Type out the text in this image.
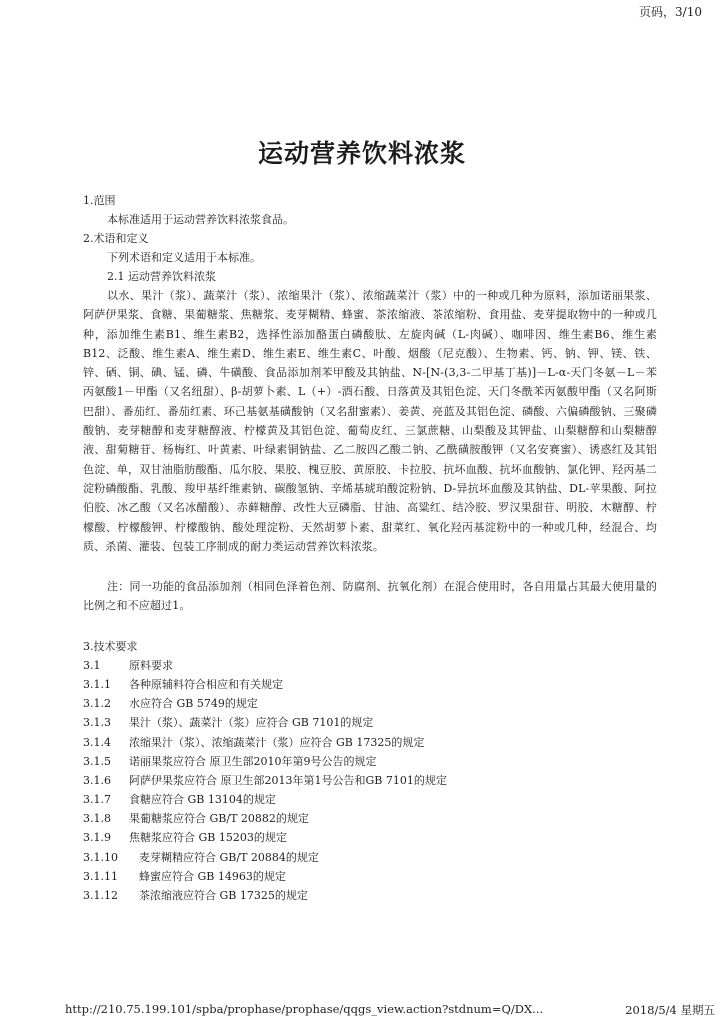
页码，3/10
运动营养饮料浓浆
1.范围
本标准适用于运动营养饮料浓浆食品。
2.术语和定义
下列术语和定义适用于本标准。
2.1 运动营养饮料浓浆

以水、果汁（浆）、蔬菜汁（浆）、浓缩果汁（浆）、浓缩蔬菜汁（浆）中的一种或几种为原料，添加诺丽果浆、阿萨伊果浆、食糖、果葡糖浆、焦糖浆、麦芽糊精、蜂蜜、茶浓缩液、茶浓缩粉、食用盐、麦芽提取物中的一种或几种，添加维生素B1、维生素B2，选择性添加酪蛋白磷酸肽、左旋肉碱（L-肉碱）、咖啡因、维生素B6、维生素B12、泛酸、维生素A、维生素D、维生素E、维生素C、叶酸、烟酸（尼克酸）、生物素、钙、钠、钾、镁、铁、锌、硒、铜、碘、锰、磷、牛磺酸、食品添加剂苯甲酸及其钠盐、N-[N-(3,3-二甲基丁基)]－L-α-天门冬氨－L－苯丙氨酸1－甲酯（又名纽甜）、β-胡萝卜素、L（+）-酒石酸、日落黄及其铝色淀、天门冬酰苯丙氨酸甲酯（又名阿斯巴甜）、番茄红、番茄红素、环己基氨基磺酸钠（又名甜蜜素）、姜黄、亮蓝及其铝色淀、磷酸、六偏磷酸钠、三聚磷酸钠、麦芽糖醇和麦芽糖醇液、柠檬黄及其铝色淀、葡萄皮红、三氯蔗糖、山梨酸及其钾盐、山梨糖醇和山梨糖醇液、甜菊糖苷、杨梅红、叶黄素、叶绿素铜钠盐、乙二胺四乙酸二钠、乙酰磺胺酸钾（又名安赛蜜）、诱惑红及其铝色淀、单，双甘油脂肪酸酯、瓜尔胶、果胶、槐豆胶、黄原胶、卡拉胶、抗坏血酸、抗坏血酸钠、氯化钾、羟丙基二淀粉磷酸酯、乳酸、羧甲基纤维素钠、碳酸氢钠、辛烯基琥珀酸淀粉钠、D-异抗坏血酸及其钠盐、DL-苹果酸、阿拉伯胶、冰乙酸（又名冰醋酸）、赤藓糖醇、改性大豆磷脂、甘油、高粱红、结冷胶、罗汉果甜苷、明胶、木糖醇、柠檬酸、柠檬酸钾、柠檬酸钠、酸处理淀粉、天然胡萝卜素、甜菜红、氧化羟丙基淀粉中的一种或几种，经混合、均质、杀菌、灌装、包装工序制成的耐力类运动营养饮料浓浆。

注：同一功能的食品添加剂（相同色泽着色剂、防腐剂、抗氧化剂）在混合使用时，各自用量占其最大使用量的比例之和不应超过1。

3.技术要求
3.1	原料要求
3.1.1 各种原辅料符合相应和有关规定
3.1.2 水应符合 GB 5749的规定
3.1.3 果汁（浆）、蔬菜汁（浆）应符合 GB 7101的规定
3.1.4 浓缩果汁（浆）、浓缩蔬菜汁（浆）应符合 GB 17325的规定
3.1.5 诺丽果浆应符合 原卫生部2010年第9号公告的规定
3.1.6 阿萨伊果浆应符合 原卫生部2013年第1号公告和GB 7101的规定
3.1.7 食糖应符合 GB 13104的规定
3.1.8 果葡糖浆应符合 GB/T 20882的规定
3.1.9 焦糖浆应符合 GB 15203的规定
3.1.10 麦芽糊精应符合 GB/T 20884的规定
3.1.11 蜂蜜应符合 GB 14963的规定
3.1.12 茶浓缩液应符合 GB 17325的规定
http://210.75.199.101/spba/prophase/prophase/qqgs_view.action?stdnum=Q/DX...	2018/5/4 星期五
